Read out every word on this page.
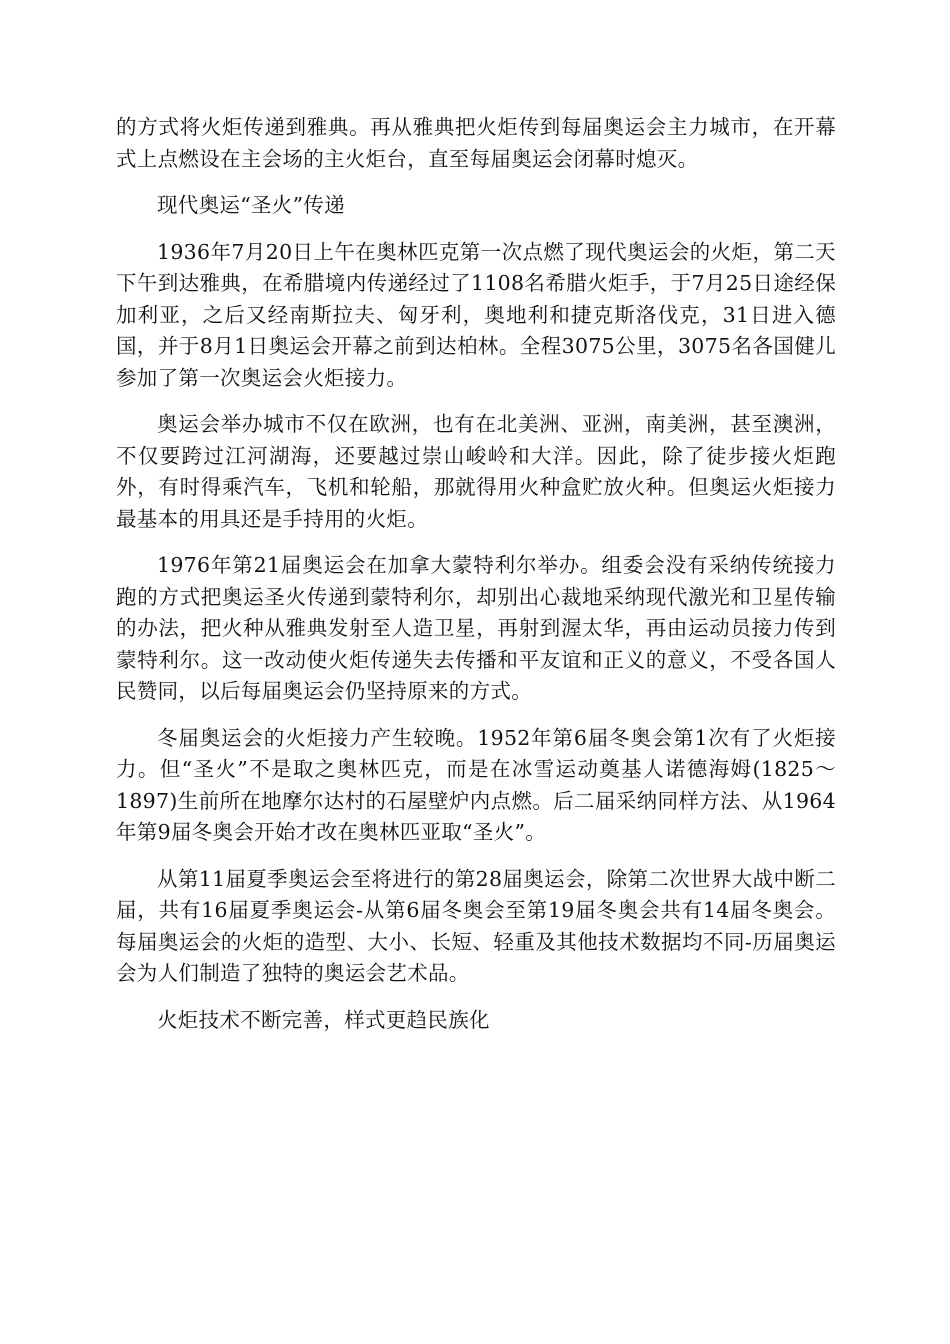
的方式将火炬传递到雅典。再从雅典把火炬传到每届奥运会主力城市，在开幕式上点燃设在主会场的主火炬台，直至每届奥运会闭幕时熄灭。

现代奥运“圣火”传递

1936年7月20日上午在奥林匹克第一次点燃了现代奥运会的火炬，第二天下午到达雅典，在希腊境内传递经过了1108名希腊火炬手，于7月25日途经保加利亚，之后又经南斯拉夫、匈牙利，奥地利和捷克斯洛伐克，31日进入德国，并于8月1日奥运会开幕之前到达柏林。全程3075公里，3075名各国健儿参加了第一次奥运会火炬接力。

奥运会举办城市不仅在欧洲，也有在北美洲、亚洲，南美洲，甚至澳洲，不仅要跨过江河湖海，还要越过崇山峻岭和大洋。因此，除了徒步接火炬跑外，有时得乘汽车，飞机和轮船，那就得用火种盒贮放火种。但奥运火炬接力最基本的用具还是手持用的火炬。

1976年第21届奥运会在加拿大蒙特利尔举办。组委会没有采纳传统接力跑的方式把奥运圣火传递到蒙特利尔，却别出心裁地采纳现代激光和卫星传输的办法，把火种从雅典发射至人造卫星，再射到渥太华，再由运动员接力传到蒙特利尔。这一改动使火炬传递失去传播和平友谊和正义的意义，不受各国人民赞同，以后每届奥运会仍坚持原来的方式。

冬届奥运会的火炬接力产生较晚。1952年第6届冬奥会第1次有了火炬接力。但“圣火”不是取之奥林匹克，而是在冰雪运动奠基人诺德海姆(1825～1897)生前所在地摩尔达村的石屋壁炉内点燃。后二届采纳同样方法、从1964年第9届冬奥会开始才改在奥林匹亚取“圣火”。

从第11届夏季奥运会至将进行的第28届奥运会，除第二次世界大战中断二届，共有16届夏季奥运会-从第6届冬奥会至第19届冬奥会共有14届冬奥会。每届奥运会的火炬的造型、大小、长短、轻重及其他技术数据均不同-历届奥运会为人们制造了独特的奥运会艺术品。

火炬技术不断完善，样式更趋民族化
